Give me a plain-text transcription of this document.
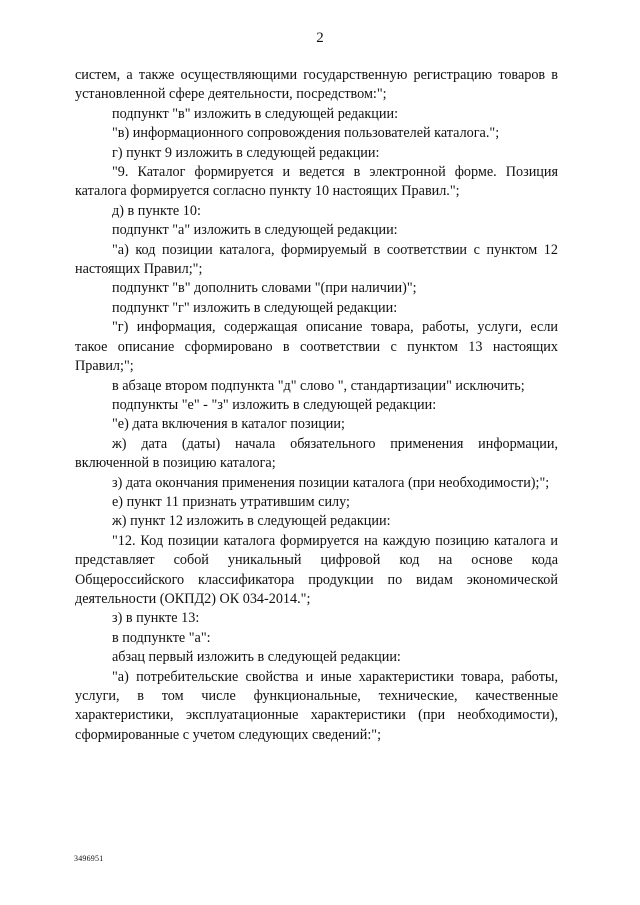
2

систем, а также осуществляющими государственную регистрацию товаров в установленной сфере деятельности, посредством:";

подпункт "в" изложить в следующей редакции:

"в) информационного сопровождения пользователей каталога.";

г) пункт 9 изложить в следующей редакции:

"9. Каталог формируется и ведется в электронной форме. Позиция каталога формируется согласно пункту 10 настоящих Правил.";

д) в пункте 10:

подпункт "а" изложить в следующей редакции:

"а) код позиции каталога, формируемый в соответствии с пунктом 12 настоящих Правил;";

подпункт "в" дополнить словами "(при наличии)";

подпункт "г" изложить в следующей редакции:

"г) информация, содержащая описание товара, работы, услуги, если такое описание сформировано в соответствии с пунктом 13 настоящих Правил;";

в абзаце втором подпункта "д" слово ", стандартизации" исключить;

подпункты "е" - "з" изложить в следующей редакции:

"е) дата включения в каталог позиции;

ж) дата (даты) начала обязательного применения информации, включенной в позицию каталога;

з) дата окончания применения позиции каталога (при необходимости);";

е) пункт 11 признать утратившим силу;

ж) пункт 12 изложить в следующей редакции:

"12. Код позиции каталога формируется на каждую позицию каталога и представляет собой уникальный цифровой код на основе кода Общероссийского классификатора продукции по видам экономической деятельности (ОКПД2) ОК 034-2014.";

з) в пункте 13:

в подпункте "а":

абзац первый изложить в следующей редакции:

"а) потребительские свойства и иные характеристики товара, работы, услуги, в том числе функциональные, технические, качественные характеристики, эксплуатационные характеристики (при необходимости), сформированные с учетом следующих сведений:";

3496951
